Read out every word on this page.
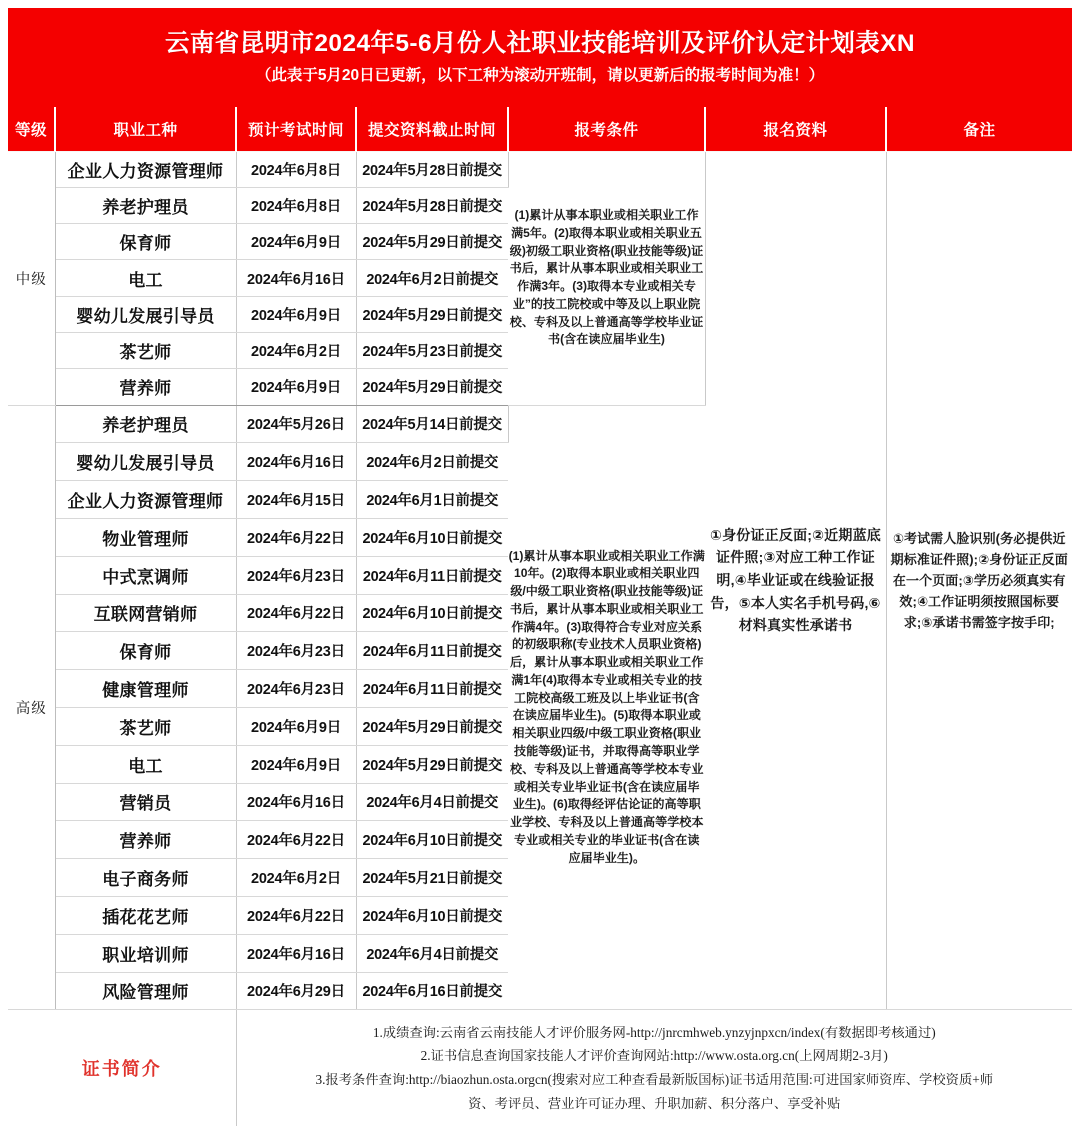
云南省昆明市2024年5-6月份人社职业技能培训及评价认定计划表XN
（此表于5月20日已更新，以下工种为滚动开班制，请以更新后的报考时间为准！）
等级	职业工种	预计考试时间	提交资料截止时间	报考条件	报名资料	备注
中级	企业人力资源管理师	2024年6月8日	2024年5月28日前提交	(1)累计从事本职业或相关职业工作满5年。(2)取得本职业或相关职业五级)初级工职业资格(职业技能等级)证书后，累计从事本职业或相关职业工作满3年。(3)取得本专业或相关专业”的技工院校或中等及以上职业院校、专科及以上普通高等学校毕业证书(含在读应届毕业生)	①身份证正反面;②近期蓝底证件照;③对应工种工作证明,④毕业证或在线验证报告，⑤本人实名手机号码,⑥材料真实性承诺书	①考试需人脸识别(务必提供近期标准证件照);②身份证正反面在一个页面;③学历必须真实有效;④工作证明须按照国标要求;⑤承诺书需签字按手印;
	养老护理员	2024年6月8日	2024年5月28日前提交			
	保育师	2024年6月9日	2024年5月29日前提交			
	电工	2024年6月16日	2024年6月2日前提交			
	婴幼儿发展引导员	2024年6月9日	2024年5月29日前提交			
	茶艺师	2024年6月2日	2024年5月23日前提交			
	营养师	2024年6月9日	2024年5月29日前提交			
高级	养老护理员	2024年5月26日	2024年5月14日前提交	(1)累计从事本职业或相关职业工作满10年。(2)取得本职业或相关职业四级/中级工职业资格(职业技能等级)证书后，累计从事本职业或相关职业工作满4年。(3)取得符合专业对应关系的初级职称(专业技术人员职业资格)后，累计从事本职业或相关职业工作满1年(4)取得本专业或相关专业的技工院校高级工班及以上毕业证书(含在读应届毕业生)。(5)取得本职业或相关职业四级/中级工职业资格(职业技能等级)证书，并取得高等职业学校、专科及以上普通高等学校本专业或相关专业毕业证书(含在读应届毕业生)。(6)取得经评估论证的高等职业学校、专科及以上普通高等学校本专业或相关专业的毕业证书(含在读应届毕业生)。		
	婴幼儿发展引导员	2024年6月16日	2024年6月2日前提交			
	企业人力资源管理师	2024年6月15日	2024年6月1日前提交			
	物业管理师	2024年6月22日	2024年6月10日前提交			
	中式烹调师	2024年6月23日	2024年6月11日前提交			
	互联网营销师	2024年6月22日	2024年6月10日前提交			
	保育师	2024年6月23日	2024年6月11日前提交			
	健康管理师	2024年6月23日	2024年6月11日前提交			
	茶艺师	2024年6月9日	2024年5月29日前提交			
	电工	2024年6月9日	2024年5月29日前提交			
	营销员	2024年6月16日	2024年6月4日前提交			
	营养师	2024年6月22日	2024年6月10日前提交			
	电子商务师	2024年6月2日	2024年5月21日前提交			
	插花花艺师	2024年6月22日	2024年6月10日前提交			
	职业培训师	2024年6月16日	2024年6月4日前提交			
	风险管理师	2024年6月29日	2024年6月16日前提交			
证书简介		1.成绩查询:云南省云南技能人才评价服务网-http://jnrcmhweb.ynzyjnpxcn/index(有数据即考核通过)
2.证书信息查询国家技能人才评价查询网站:http://www.osta.org.cn(上网周期2-3月)
3.报考条件查询:http://biaozhun.osta.orgcn(搜索对应工种查看最新版国标)证书适用范围:可进国家师资库、学校资质+师
资、考评员、营业许可证办理、升职加薪、积分落户、享受补贴				
